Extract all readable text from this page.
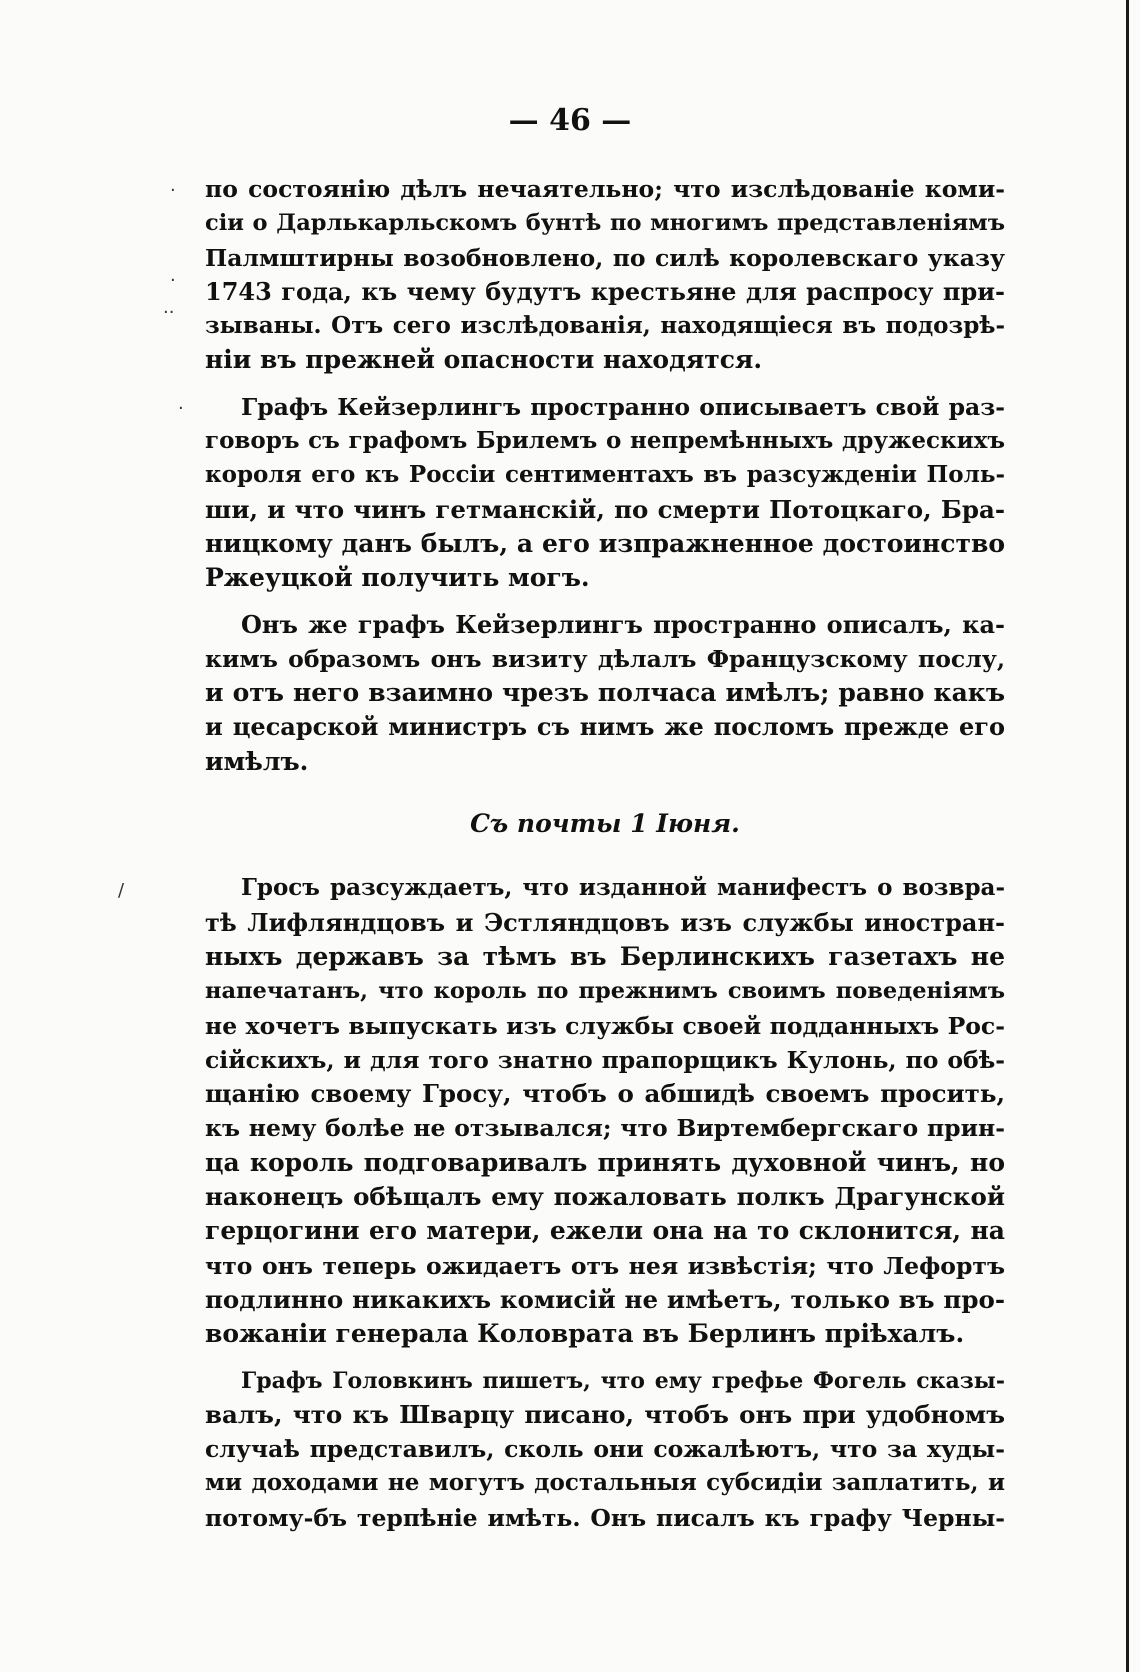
·
·
··
·
/
— 46 —
по состоянію дѣлъ нечаятельно; что изслѣдованіе коми-
сіи о Дарлькарльскомъ бунтѣ по многимъ представленіямъ
Палмштирны возобновлено, по силѣ королевскаго указу
1743 года, къ чему будутъ крестьяне для распросу при-
зываны. Отъ сего изслѣдованія, находящіеся въ подозрѣ-
ніи въ прежней опасности находятся.
Графъ Кейзерлингъ пространно описываетъ свой раз-
говоръ съ графомъ Брилемъ о непремѣнныхъ дружескихъ
короля его къ Россіи сентиментахъ въ разсужденіи Поль-
ши, и что чинъ гетманскій, по смерти Потоцкаго, Бра-
ницкому данъ былъ, а его изпражненное достоинство
Ржеуцкой получить могъ.
Онъ же графъ Кейзерлингъ пространно описалъ, ка-
кимъ образомъ онъ визиту дѣлалъ Французскому послу,
и отъ него взаимно чрезъ полчаса имѣлъ; равно какъ
и цесарской министръ съ нимъ же посломъ прежде его
имѣлъ.
Съ почты 1 Іюня.
Гросъ разсуждаетъ, что изданной манифестъ о возвра-
тѣ Лифляндцовъ и Эстляндцовъ изъ службы иностран-
ныхъ державъ за тѣмъ въ Берлинскихъ газетахъ не
напечатанъ, что король по прежнимъ своимъ поведеніямъ
не хочетъ выпускать изъ службы своей подданныхъ Рос-
сійскихъ, и для того знатно прапорщикъ Кулонь, по обѣ-
щанію своему Гросу, чтобъ о абшидѣ своемъ просить,
къ нему болѣе не отзывался; что Виртембергскаго прин-
ца король подговаривалъ принять духовной чинъ, но
наконецъ обѣщалъ ему пожаловать полкъ Драгунской
герцогини его матери, ежели она на то склонится, на
что онъ теперь ожидаетъ отъ нея извѣстія; что Лефортъ
подлинно никакихъ комисій не имѣетъ, только въ про-
вожаніи генерала Коловрата въ Берлинъ пріѣхалъ.
Графъ Головкинъ пишетъ, что ему грефье Фогель сказы-
валъ, что къ Шварцу писано, чтобъ онъ при удобномъ
случаѣ представилъ, сколь они сожалѣютъ, что за худы-
ми доходами не могутъ достальныя субсидіи заплатить, и
потому-бъ терпѣніе имѣть. Онъ писалъ къ графу Черны-
